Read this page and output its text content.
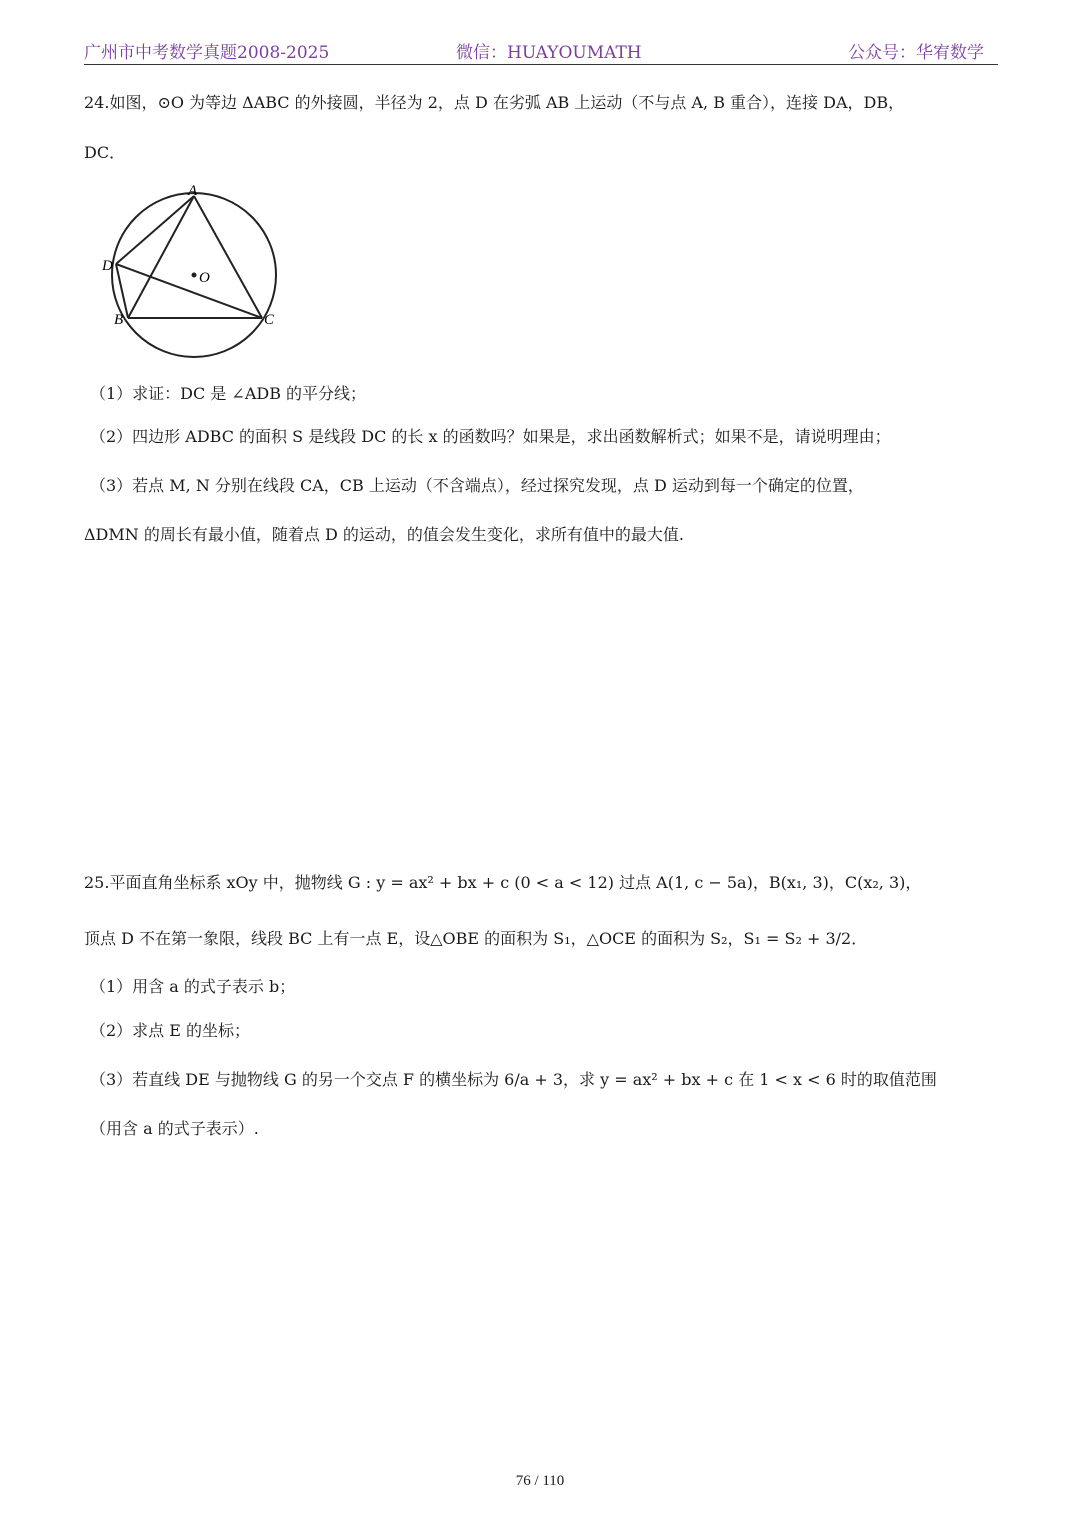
广州市中考数学真题2008-2025	微信：HUAYOUMATH	公众号：华宥数学
24.如图，⊙O 为等边 ΔABC 的外接圆，半径为 2，点 D 在劣弧 AB 上运动（不与点 A, B 重合），连接 DA，DB，
DC．
A
B	C
D
O
（1）求证：DC 是 ∠ADB 的平分线；
（2）四边形 ADBC 的面积 S 是线段 DC 的长 x 的函数吗？如果是，求出函数解析式；如果不是，请说明理由；
（3）若点 M, N 分别在线段 CA，CB 上运动（不含端点），经过探究发现，点 D 运动到每一个确定的位置，
ΔDMN 的周长有最小值，随着点 D 的运动，的值会发生变化，求所有值中的最大值.
25.平面直角坐标系 xOy 中，抛物线 G : y = ax² + bx + c (0 < a < 12) 过点 A(1, c − 5a)，B(x₁, 3)，C(x₂, 3)，
顶点 D 不在第一象限，线段 BC 上有一点 E，设△OBE 的面积为 S₁，△OCE 的面积为 S₂，S₁ = S₂ + 3/2．
（1）用含 a 的式子表示 b；
（2）求点 E 的坐标；
（3）若直线 DE 与抛物线 G 的另一个交点 F 的横坐标为 6/a + 3，求 y = ax² + bx + c 在 1 < x < 6 时的取值范围
（用含 a 的式子表示）.
76 / 110
